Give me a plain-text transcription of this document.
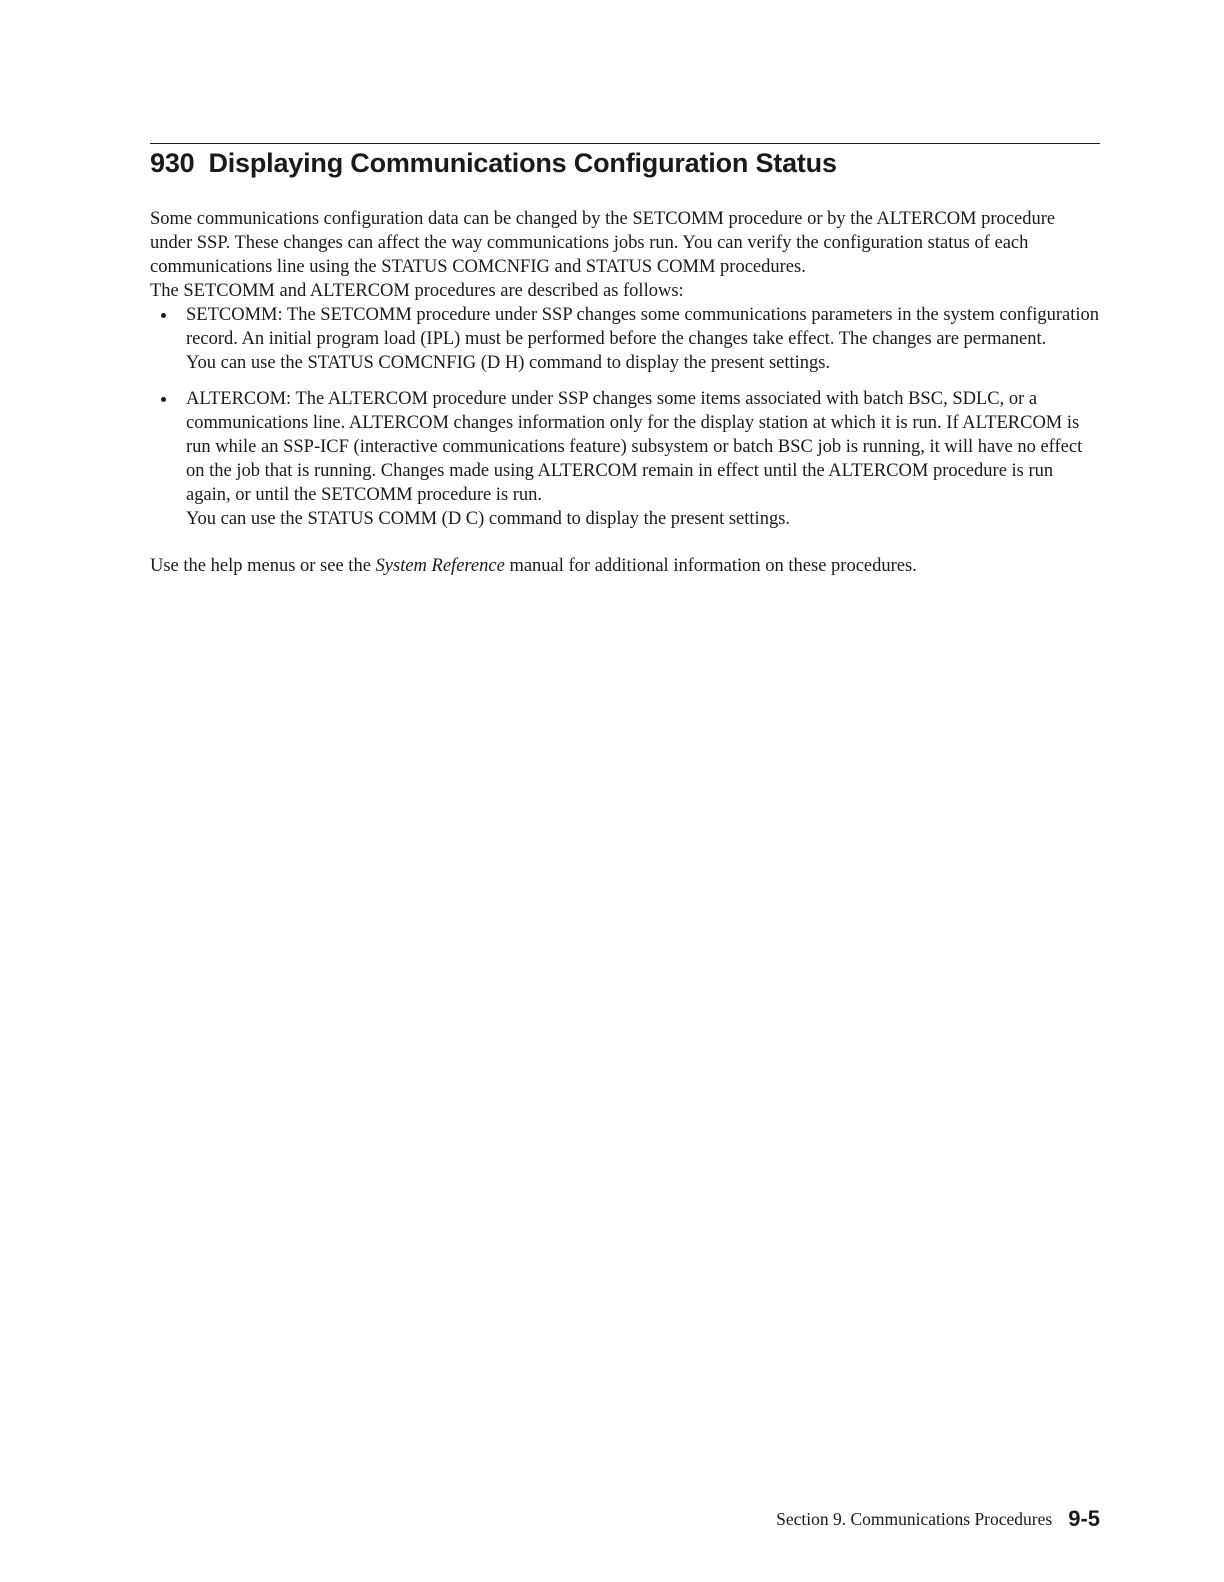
930 Displaying Communications Configuration Status

Some communications configuration data can be changed by the SETCOMM procedure or by the ALTERCOM procedure under SSP. These changes can affect the way communications jobs run. You can verify the configuration status of each communications line using the STATUS COMCNFIG and STATUS COMM procedures.

The SETCOMM and ALTERCOM procedures are described as follows:

SETCOMM: The SETCOMM procedure under SSP changes some communications parameters in the system configuration record. An initial program load (IPL) must be performed before the changes take effect. The changes are permanent.

You can use the STATUS COMCNFIG (D H) command to display the present settings.

ALTERCOM: The ALTERCOM procedure under SSP changes some items associated with batch BSC, SDLC, or a communications line. ALTERCOM changes information only for the display station at which it is run. If ALTERCOM is run while an SSP-ICF (interactive communications feature) subsystem or batch BSC job is running, it will have no effect on the job that is running. Changes made using ALTERCOM remain in effect until the ALTERCOM procedure is run again, or until the SETCOMM procedure is run.

You can use the STATUS COMM (D C) command to display the present settings.

Use the help menus or see the System Reference manual for additional information on these procedures.

Section 9. Communications Procedures 9-5
